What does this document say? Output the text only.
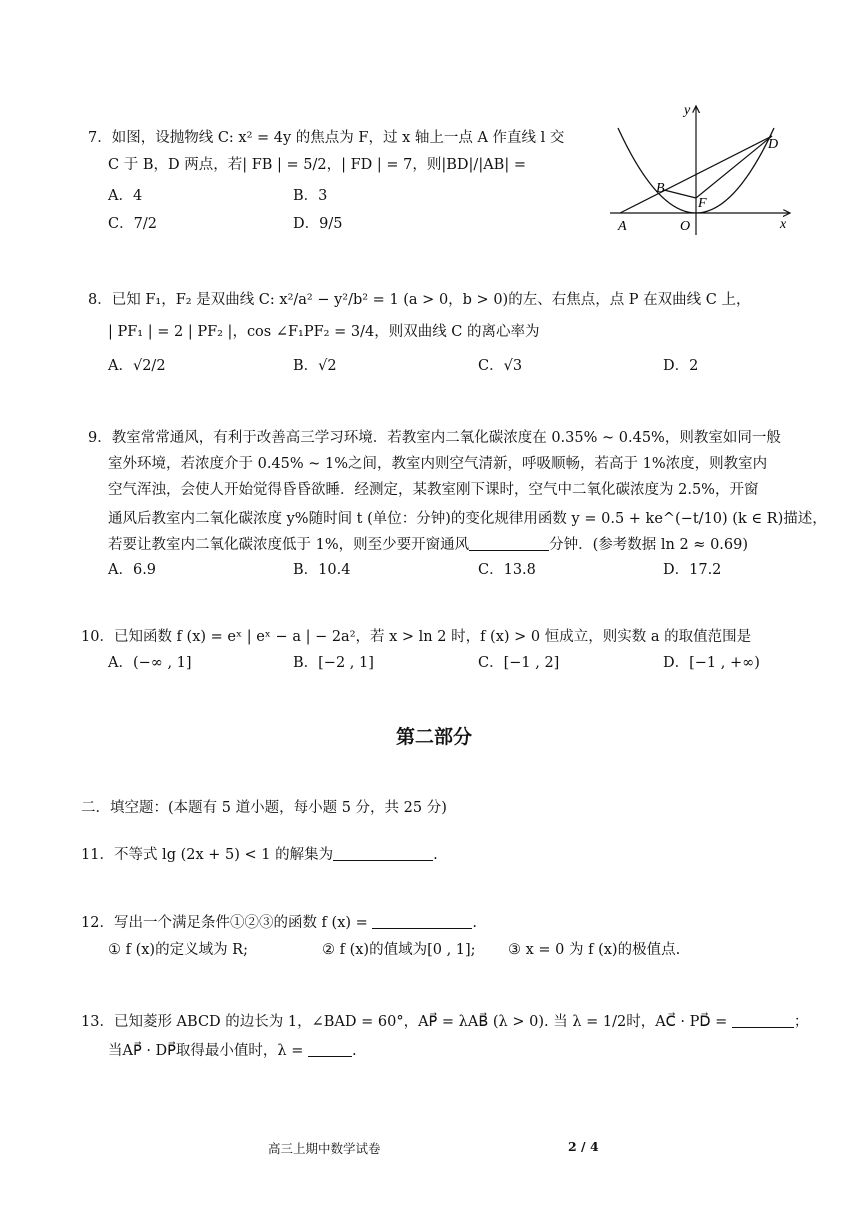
7．如图，设抛物线 C: x² = 4y 的焦点为 F，过 x 轴上一点 A 作直线 l 交
C 于 B，D 两点，若| FB | = 5/2，| FD | = 7，则|BD|/|AB| =
A．4	B．3
C．7/2	D．9/5
y
x
D
B
F
A	O
8．已知 F₁，F₂ 是双曲线 C: x²/a² − y²/b² = 1 (a > 0，b > 0)的左、右焦点，点 P 在双曲线 C 上，
| PF₁ | = 2 | PF₂ |，cos ∠F₁PF₂ = 3/4，则双曲线 C 的离心率为
A．√2/2	B．√2	C．√3	D．2
9．教室常常通风，有利于改善高三学习环境．若教室内二氧化碳浓度在 0.35% ~ 0.45%，则教室如同一般
室外环境，若浓度介于 0.45% ~ 1%之间，教室内则空气清新，呼吸顺畅，若高于 1%浓度，则教室内
空气浑浊，会使人开始觉得昏昏欲睡．经测定，某教室刚下课时，空气中二氧化碳浓度为 2.5%，开窗
通风后教室内二氧化碳浓度 y%随时间 t (单位：分钟)的变化规律用函数 y = 0.5 + ke^(−t/10) (k ∈ R)描述，
若要让教室内二氧化碳浓度低于 1%，则至少要开窗通风	分钟．(参考数据 ln 2 ≈ 0.69)
A．6.9	B．10.4	C．13.8	D．17.2
10．已知函数 f (x) = eˣ | eˣ − a | − 2a²，若 x > ln 2 时，f (x) > 0 恒成立，则实数 a 的取值范围是
A．(−∞ , 1]	B．[−2 , 1]	C．[−1 , 2]	D．[−1 , +∞)
第二部分
二．填空题：(本题有 5 道小题，每小题 5 分，共 25 分)
11．不等式 lg (2x + 5) < 1 的解集为	.
12．写出一个满足条件①②③的函数 f (x) =	.
① f (x)的定义域为 R;	② f (x)的值域为[0 , 1]; ③ x = 0 为 f (x)的极值点.
13．已知菱形 ABCD 的边长为 1，∠BAD = 60°，AP⃗ = λAB⃗ (λ > 0). 当 λ = 1/2时，AC⃗ · PD⃗ =	；
当AP⃗ · DP⃗取得最小值时，λ =	.
高三上期中数学试卷	2 / 4
